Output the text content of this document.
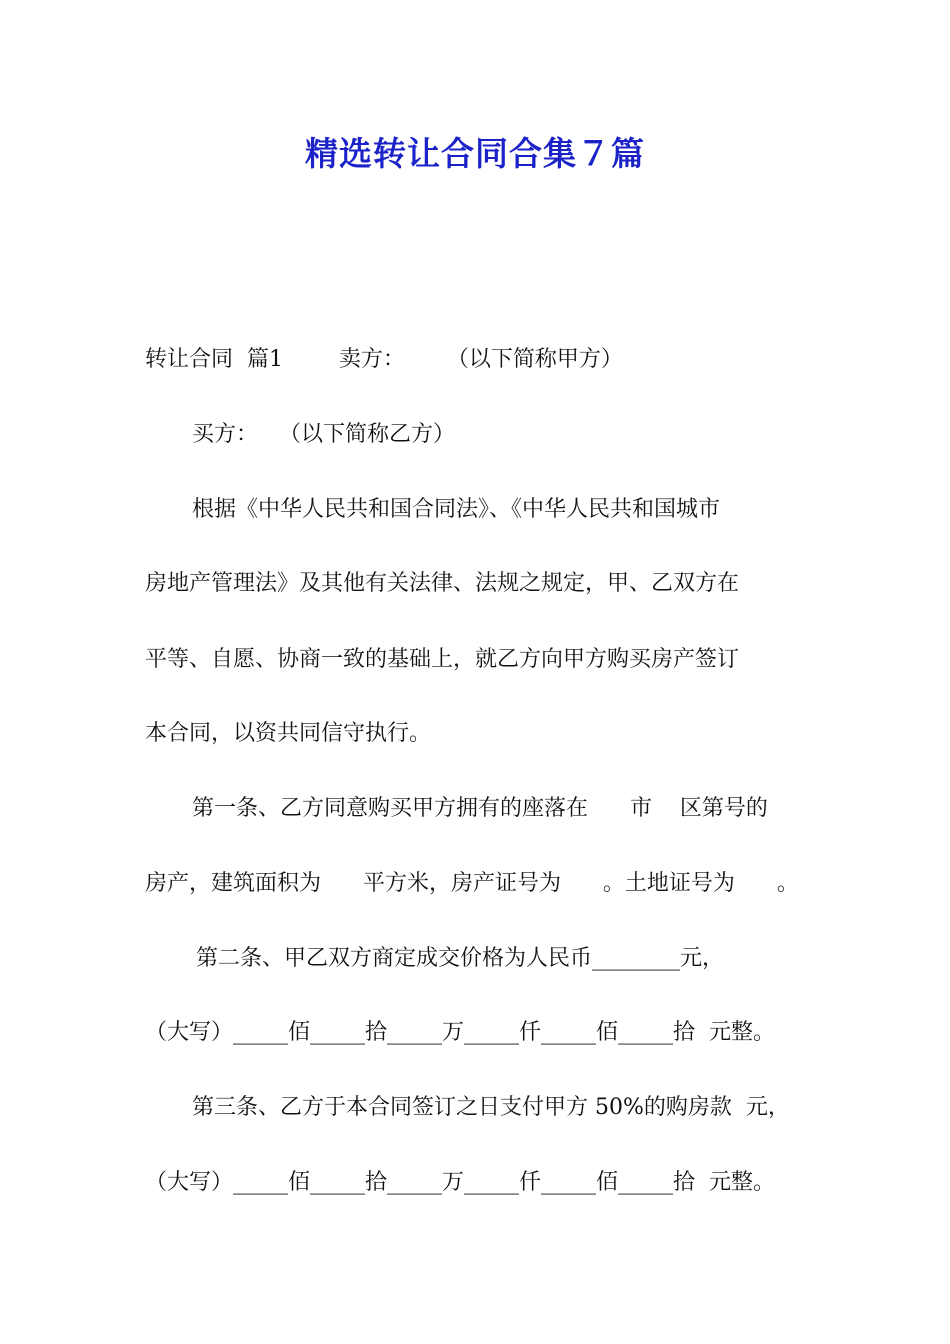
精选转让合同合集７篇

转让合同  篇1        卖方：      （以下简称甲方）

买方：   （以下简称乙方）

根据《中华人民共和国合同法》、《中华人民共和国城市

房地产管理法》及其他有关法律、法规之规定，甲、乙双方在

平等、自愿、协商一致的基础上，就乙方向甲方购买房产签订

本合同，以资共同信守执行。

第一条、乙方同意购买甲方拥有的座落在      市    区第号的

房产，建筑面积为      平方米，房产证号为      。土地证号为      。

第二条、甲乙双方商定成交价格为人民币________元，

（大写）_____佰_____拾_____万_____仟_____佰_____拾  元整。

第三条、乙方于本合同签订之日支付甲方 50%的购房款  元，

（大写）_____佰_____拾_____万_____仟_____佰_____拾  元整。
